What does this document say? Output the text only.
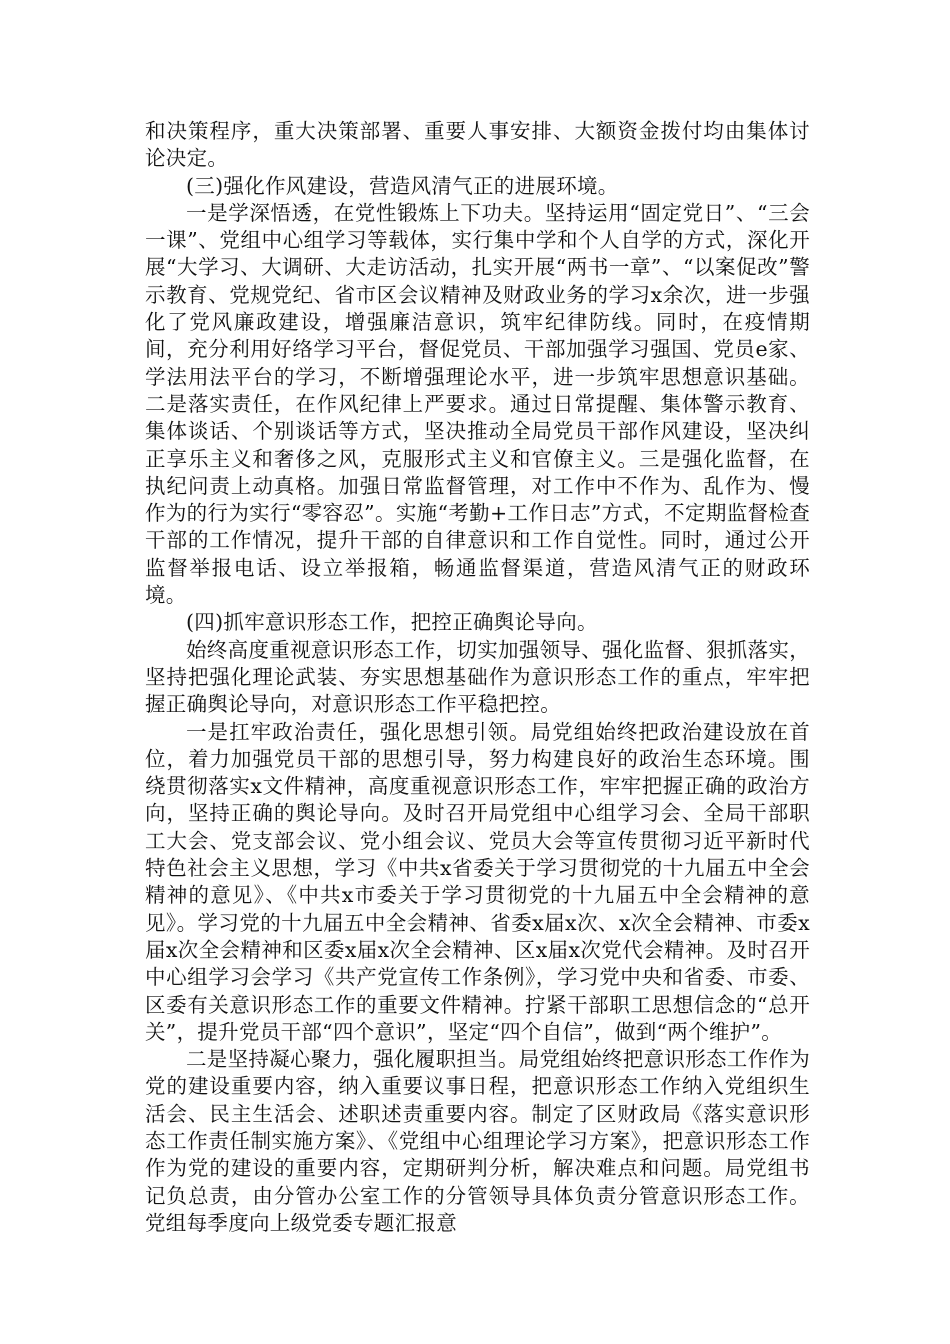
和决策程序，重大决策部署、重要人事安排、大额资金拨付均由集体讨论决定。

(三)强化作风建设，营造风清气正的进展环境。

一是学深悟透，在党性锻炼上下功夫。坚持运用“固定党日”、“三会一课”、党组中心组学习等载体，实行集中学和个人自学的方式，深化开展“大学习、大调研、大走访活动，扎实开展“两书一章”、“以案促改”警示教育、党规党纪、省市区会议精神及财政业务的学习x余次，进一步强化了党风廉政建设，增强廉洁意识，筑牢纪律防线。同时，在疫情期间，充分利用好络学习平台，督促党员、干部加强学习强国、党员e家、学法用法平台的学习，不断增强理论水平，进一步筑牢思想意识基础。二是落实责任，在作风纪律上严要求。通过日常提醒、集体警示教育、集体谈话、个别谈话等方式，坚决推动全局党员干部作风建设，坚决纠正享乐主义和奢侈之风，克服形式主义和官僚主义。三是强化监督，在执纪问责上动真格。加强日常监督管理，对工作中不作为、乱作为、慢作为的行为实行“零容忍”。实施“考勤+工作日志”方式，不定期监督检查干部的工作情况，提升干部的自律意识和工作自觉性。同时，通过公开监督举报电话、设立举报箱，畅通监督渠道，营造风清气正的财政环境。

(四)抓牢意识形态工作，把控正确舆论导向。

始终高度重视意识形态工作，切实加强领导、强化监督、狠抓落实，坚持把强化理论武装、夯实思想基础作为意识形态工作的重点，牢牢把握正确舆论导向，对意识形态工作平稳把控。

一是扛牢政治责任，强化思想引领。局党组始终把政治建设放在首位，着力加强党员干部的思想引导，努力构建良好的政治生态环境。围绕贯彻落实x文件精神，高度重视意识形态工作，牢牢把握正确的政治方向，坚持正确的舆论导向。及时召开局党组中心组学习会、全局干部职工大会、党支部会议、党小组会议、党员大会等宣传贯彻习近平新时代特色社会主义思想，学习《中共x省委关于学习贯彻党的十九届五中全会精神的意见》、《中共x市委关于学习贯彻党的十九届五中全会精神的意见》。学习党的十九届五中全会精神、省委x届x次、x次全会精神、市委x届x次全会精神和区委x届x次全会精神、区x届x次党代会精神。及时召开中心组学习会学习《共产党宣传工作条例》，学习党中央和省委、市委、区委有关意识形态工作的重要文件精神。拧紧干部职工思想信念的“总开关”，提升党员干部“四个意识”，坚定“四个自信”，做到“两个维护”。

二是坚持凝心聚力，强化履职担当。局党组始终把意识形态工作作为党的建设重要内容，纳入重要议事日程，把意识形态工作纳入党组织生活会、民主生活会、述职述责重要内容。制定了区财政局《落实意识形态工作责任制实施方案》、《党组中心组理论学习方案》，把意识形态工作作为党的建设的重要内容，定期研判分析，解决难点和问题。局党组书记负总责，由分管办公室工作的分管领导具体负责分管意识形态工作。党组每季度向上级党委专题汇报意
